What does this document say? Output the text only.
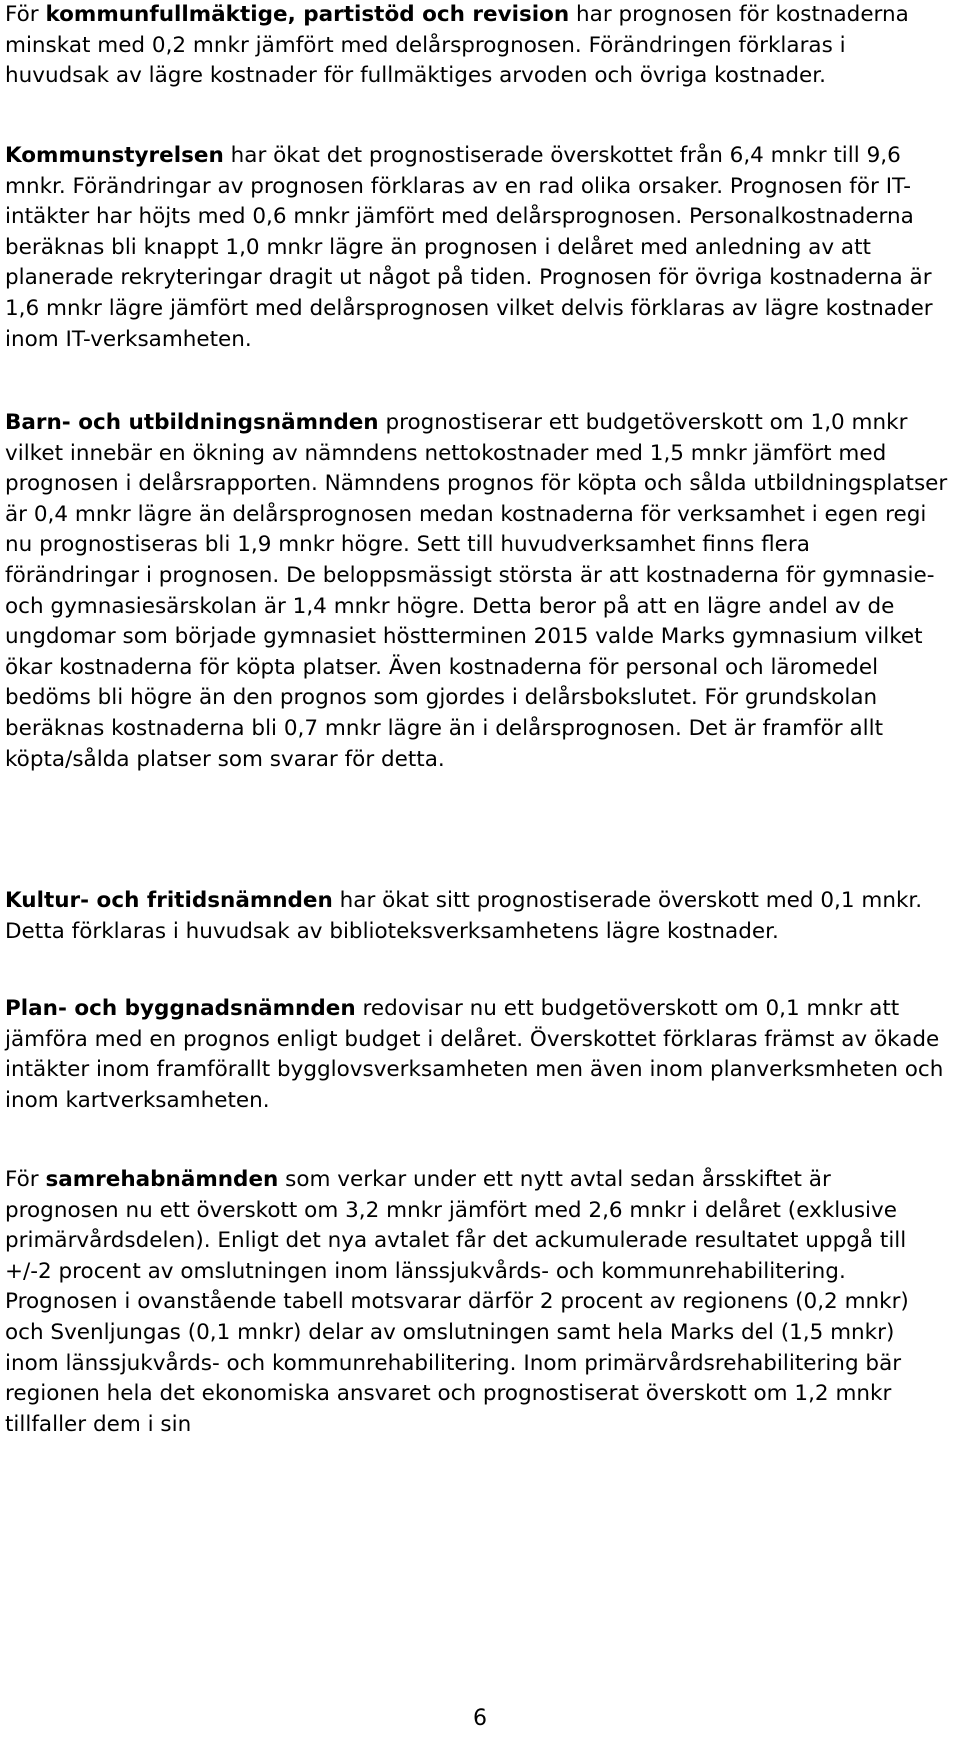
För kommunfullmäktige, partistöd och revision har prognosen för kostnaderna minskat med 0,2 mnkr jämfört med delårsprognosen. Förändringen förklaras i huvudsak av lägre kostnader för fullmäktiges arvoden och övriga kostnader.

Kommunstyrelsen har ökat det prognostiserade överskottet från 6,4 mnkr till 9,6 mnkr. Förändringar av prognosen förklaras av en rad olika orsaker. Prognosen för IT-intäkter har höjts med 0,6 mnkr jämfört med delårsprognosen. Personalkostnaderna beräknas bli knappt 1,0 mnkr lägre än prognosen i delåret med anledning av att planerade rekryteringar dragit ut något på tiden. Prognosen för övriga kostnaderna är 1,6 mnkr lägre jämfört med delårsprognosen vilket delvis förklaras av lägre kostnader inom IT-verksamheten.

Barn- och utbildningsnämnden prognostiserar ett budgetöverskott om 1,0 mnkr vilket innebär en ökning av nämndens nettokostnader med 1,5 mnkr jämfört med prognosen i delårsrapporten. Nämndens prognos för köpta och sålda utbildningsplatser är 0,4 mnkr lägre än delårsprognosen medan kostnaderna för verksamhet i egen regi nu prognostiseras bli 1,9 mnkr högre. Sett till huvudverksamhet finns flera förändringar i prognosen. De beloppsmässigt största är att kostnaderna för gymnasie- och gymnasiesärskolan är 1,4 mnkr högre. Detta beror på att en lägre andel av de ungdomar som började gymnasiet höstterminen 2015 valde Marks gymnasium vilket ökar kostnaderna för köpta platser. Även kostnaderna för personal och läromedel bedöms bli högre än den prognos som gjordes i delårsbokslutet. För grundskolan beräknas kostnaderna bli 0,7 mnkr lägre än i delårsprognosen. Det är framför allt köpta/sålda platser som svarar för detta.

Kultur- och fritidsnämnden har ökat sitt prognostiserade överskott med 0,1 mnkr. Detta förklaras i huvudsak av biblioteksverksamhetens lägre kostnader.

Plan- och byggnadsnämnden redovisar nu ett budgetöverskott om 0,1 mnkr att jämföra med en prognos enligt budget i delåret. Överskottet förklaras främst av ökade intäkter inom framförallt bygglovsverksamheten men även inom planverksmheten och inom kartverksamheten.

För samrehabnämnden som verkar under ett nytt avtal sedan årsskiftet är prognosen nu ett överskott om 3,2 mnkr jämfört med 2,6 mnkr i delåret (exklusive primärvårdsdelen). Enligt det nya avtalet får det ackumulerade resultatet uppgå till +/-2 procent av omslutningen inom länssjukvårds- och kommunrehabilitering. Prognosen i ovanstående tabell motsvarar därför 2 procent av regionens (0,2 mnkr) och Svenljungas (0,1 mnkr) delar av omslutningen samt hela Marks del (1,5 mnkr) inom länssjukvårds- och kommunrehabilitering. Inom primärvårdsrehabilitering bär regionen hela det ekonomiska ansvaret och prognostiserat överskott om 1,2 mnkr tillfaller dem i sin

6
